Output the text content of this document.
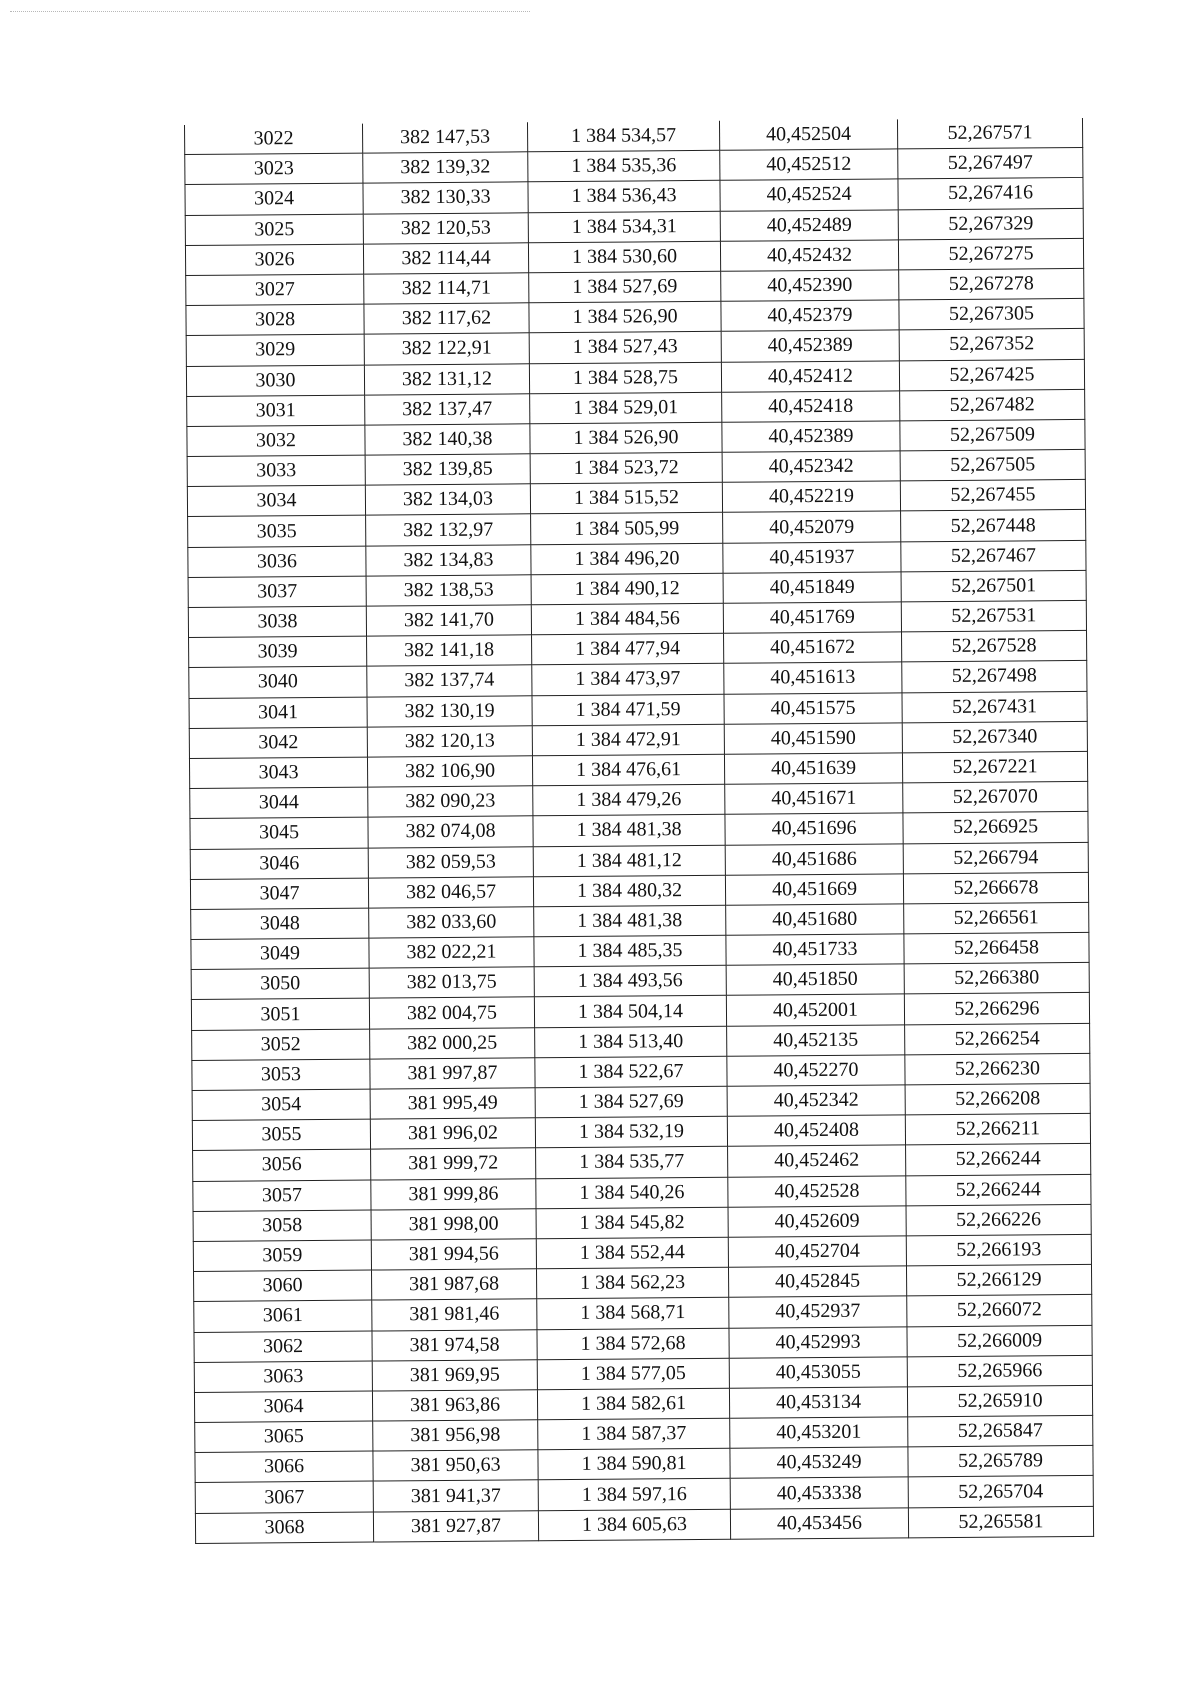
3022	382 147,53	1 384 534,57	40,452504	52,267571
3023	382 139,32	1 384 535,36	40,452512	52,267497
3024	382 130,33	1 384 536,43	40,452524	52,267416
3025	382 120,53	1 384 534,31	40,452489	52,267329
3026	382 114,44	1 384 530,60	40,452432	52,267275
3027	382 114,71	1 384 527,69	40,452390	52,267278
3028	382 117,62	1 384 526,90	40,452379	52,267305
3029	382 122,91	1 384 527,43	40,452389	52,267352
3030	382 131,12	1 384 528,75	40,452412	52,267425
3031	382 137,47	1 384 529,01	40,452418	52,267482
3032	382 140,38	1 384 526,90	40,452389	52,267509
3033	382 139,85	1 384 523,72	40,452342	52,267505
3034	382 134,03	1 384 515,52	40,452219	52,267455
3035	382 132,97	1 384 505,99	40,452079	52,267448
3036	382 134,83	1 384 496,20	40,451937	52,267467
3037	382 138,53	1 384 490,12	40,451849	52,267501
3038	382 141,70	1 384 484,56	40,451769	52,267531
3039	382 141,18	1 384 477,94	40,451672	52,267528
3040	382 137,74	1 384 473,97	40,451613	52,267498
3041	382 130,19	1 384 471,59	40,451575	52,267431
3042	382 120,13	1 384 472,91	40,451590	52,267340
3043	382 106,90	1 384 476,61	40,451639	52,267221
3044	382 090,23	1 384 479,26	40,451671	52,267070
3045	382 074,08	1 384 481,38	40,451696	52,266925
3046	382 059,53	1 384 481,12	40,451686	52,266794
3047	382 046,57	1 384 480,32	40,451669	52,266678
3048	382 033,60	1 384 481,38	40,451680	52,266561
3049	382 022,21	1 384 485,35	40,451733	52,266458
3050	382 013,75	1 384 493,56	40,451850	52,266380
3051	382 004,75	1 384 504,14	40,452001	52,266296
3052	382 000,25	1 384 513,40	40,452135	52,266254
3053	381 997,87	1 384 522,67	40,452270	52,266230
3054	381 995,49	1 384 527,69	40,452342	52,266208
3055	381 996,02	1 384 532,19	40,452408	52,266211
3056	381 999,72	1 384 535,77	40,452462	52,266244
3057	381 999,86	1 384 540,26	40,452528	52,266244
3058	381 998,00	1 384 545,82	40,452609	52,266226
3059	381 994,56	1 384 552,44	40,452704	52,266193
3060	381 987,68	1 384 562,23	40,452845	52,266129
3061	381 981,46	1 384 568,71	40,452937	52,266072
3062	381 974,58	1 384 572,68	40,452993	52,266009
3063	381 969,95	1 384 577,05	40,453055	52,265966
3064	381 963,86	1 384 582,61	40,453134	52,265910
3065	381 956,98	1 384 587,37	40,453201	52,265847
3066	381 950,63	1 384 590,81	40,453249	52,265789
3067	381 941,37	1 384 597,16	40,453338	52,265704
3068	381 927,87	1 384 605,63	40,453456	52,265581
